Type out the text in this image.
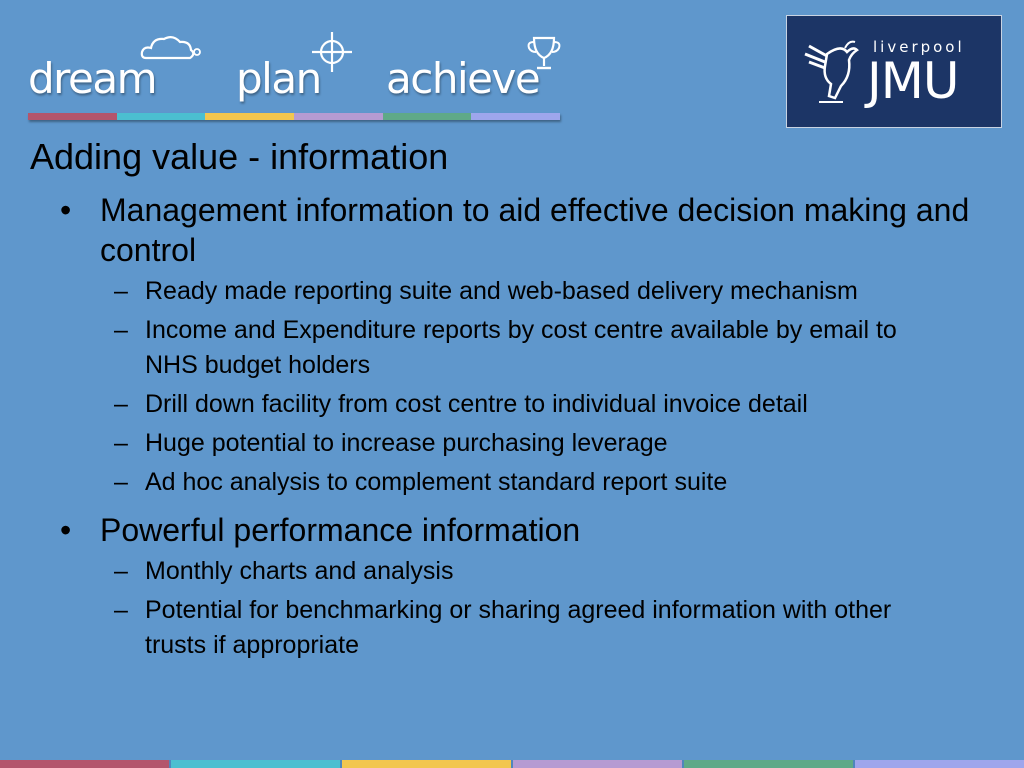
dream plan achieve
liverpool
JMU
Adding value - information
• Management information to aid effective decision making and control
– Ready made reporting suite and web-based delivery mechanism
– Income and Expenditure reports by cost centre available by email to NHS budget holders
– Drill down facility from cost centre to individual invoice detail
– Huge potential to increase purchasing leverage
– Ad hoc analysis to complement standard report suite
• Powerful performance information
– Monthly charts and analysis
– Potential for benchmarking or sharing agreed information with other trusts if appropriate
